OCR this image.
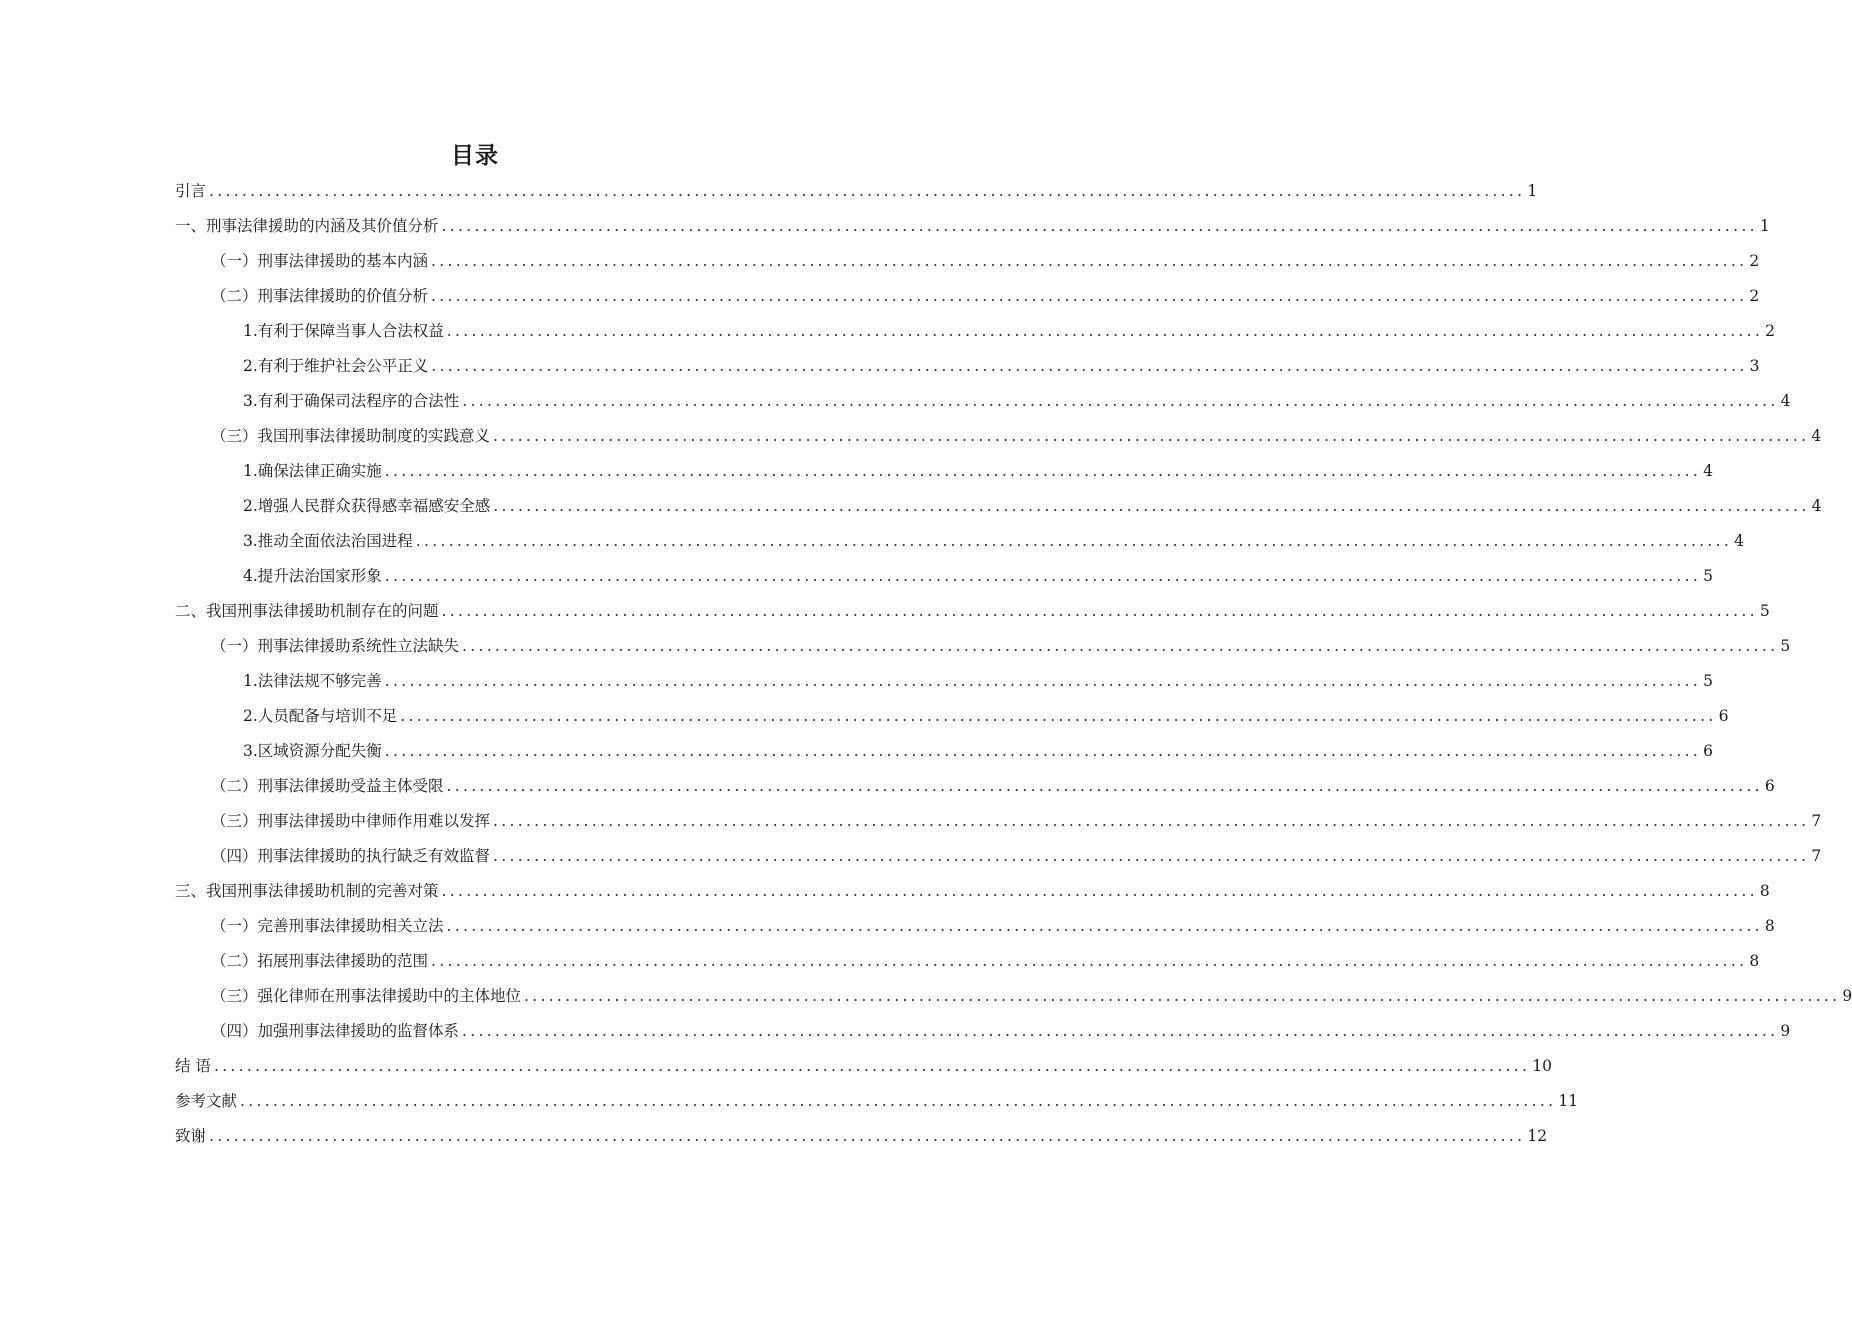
目录
引言 ................................................................................................................................................................ 1
一、刑事法律援助的内涵及其价值分析 ................................................................................................................................................................ 1
（一）刑事法律援助的基本内涵 ................................................................................................................................................................ 2
（二）刑事法律援助的价值分析 ................................................................................................................................................................ 2
1.有利于保障当事人合法权益 ................................................................................................................................................................ 2
2.有利于维护社会公平正义 ................................................................................................................................................................ 3
3.有利于确保司法程序的合法性 ................................................................................................................................................................ 4
（三）我国刑事法律援助制度的实践意义 ................................................................................................................................................................ 4
1.确保法律正确实施 ................................................................................................................................................................ 4
2.增强人民群众获得感幸福感安全感 ................................................................................................................................................................ 4
3.推动全面依法治国进程 ................................................................................................................................................................ 4
4.提升法治国家形象 ................................................................................................................................................................ 5
二、我国刑事法律援助机制存在的问题 ................................................................................................................................................................ 5
（一）刑事法律援助系统性立法缺失 ................................................................................................................................................................ 5
1.法律法规不够完善 ................................................................................................................................................................ 5
2.人员配备与培训不足 ................................................................................................................................................................ 6
3.区域资源分配失衡 ................................................................................................................................................................ 6
（二）刑事法律援助受益主体受限 ................................................................................................................................................................ 6
（三）刑事法律援助中律师作用难以发挥 ................................................................................................................................................................ 7
（四）刑事法律援助的执行缺乏有效监督 ................................................................................................................................................................ 7
三、我国刑事法律援助机制的完善对策 ................................................................................................................................................................ 8
（一）完善刑事法律援助相关立法 ................................................................................................................................................................ 8
（二）拓展刑事法律援助的范围 ................................................................................................................................................................ 8
（三）强化律师在刑事法律援助中的主体地位 ................................................................................................................................................................ 9
（四）加强刑事法律援助的监督体系 ................................................................................................................................................................ 9
结 语 ................................................................................................................................................................ 10
参考文献 ................................................................................................................................................................ 11
致谢 ................................................................................................................................................................ 12
